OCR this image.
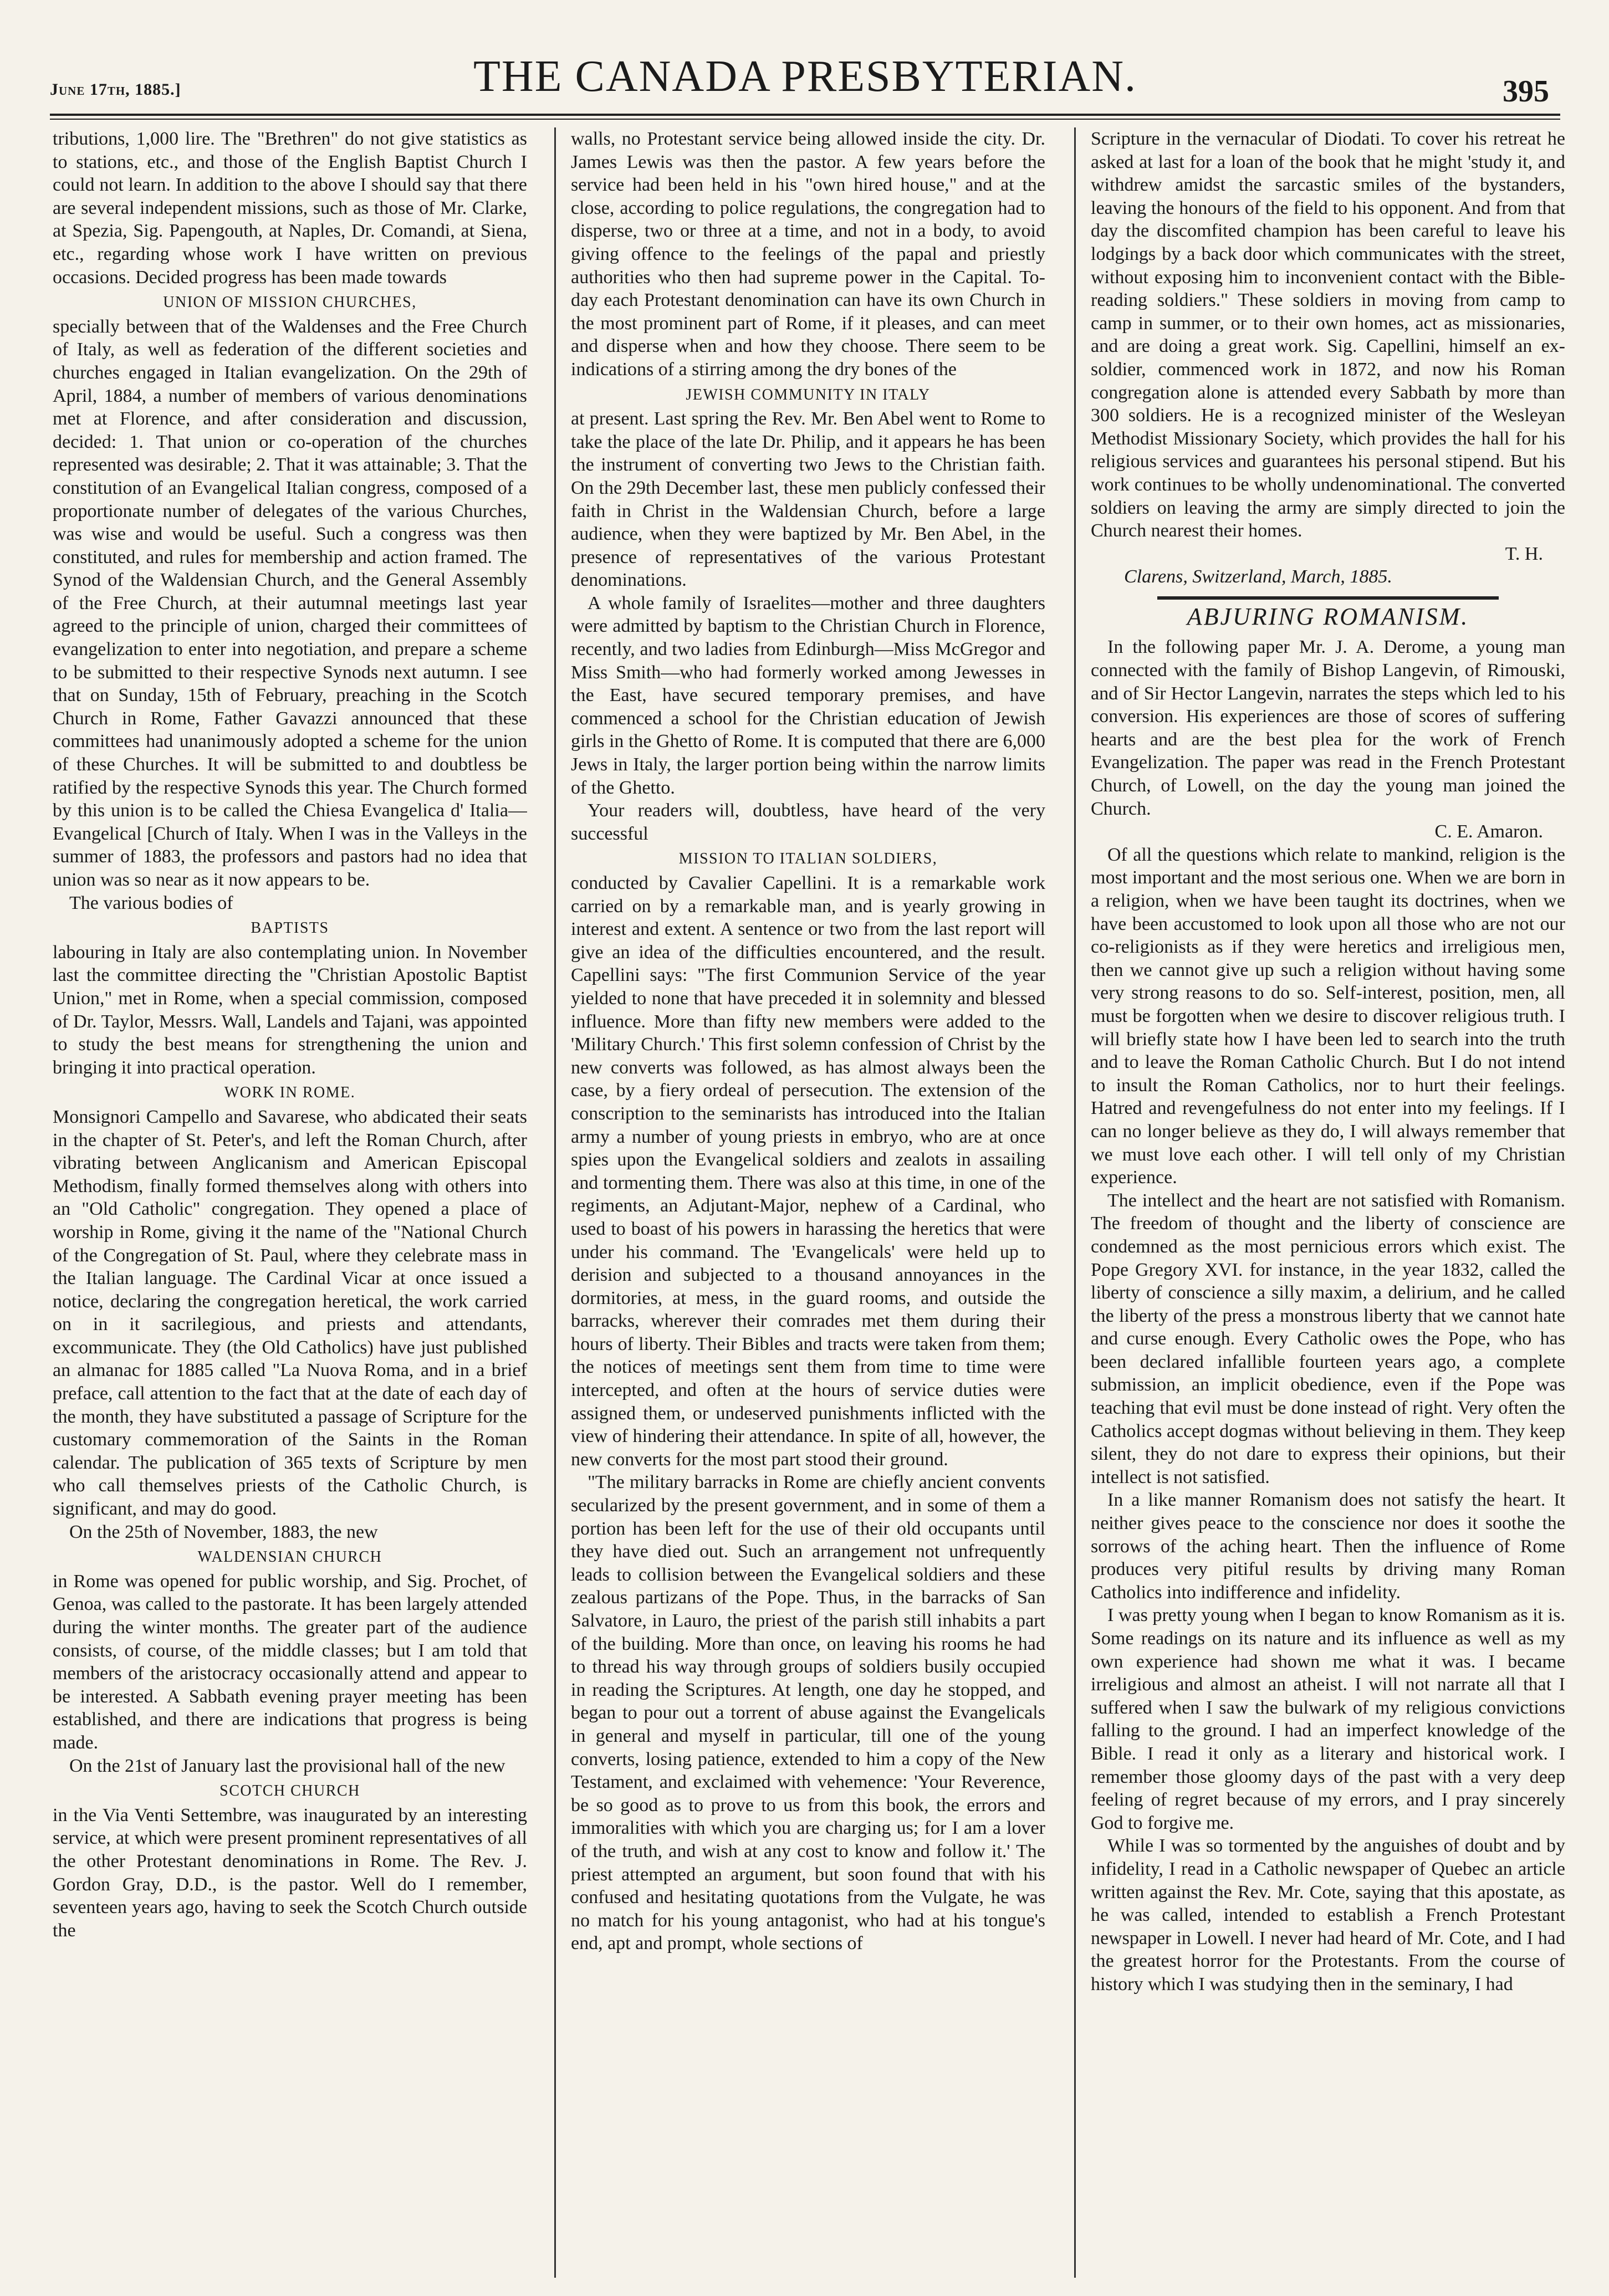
June 17th, 1885.]	THE CANADA PRESBYTERIAN.	395

tributions, 1,000 lire. The "Brethren" do not give statistics as to stations, etc., and those of the English Baptist Church I could not learn. In addition to the above I should say that there are several independent missions, such as those of Mr. Clarke, at Spezia, Sig. Papengouth, at Naples, Dr. Comandi, at Siena, etc., regarding whose work I have written on previous occasions. Decided progress has been made towards

UNION OF MISSION CHURCHES,

specially between that of the Waldenses and the Free Church of Italy, as well as federation of the different societies and churches engaged in Italian evangelization. On the 29th of April, 1884, a number of members of various denominations met at Florence, and after consideration and discussion, decided: 1. That union or co-operation of the churches represented was desirable; 2. That it was attainable; 3. That the constitution of an Evangelical Italian congress, composed of a proportionate number of delegates of the various Churches, was wise and would be useful. Such a congress was then constituted, and rules for membership and action framed. The Synod of the Waldensian Church, and the General Assembly of the Free Church, at their autumnal meetings last year agreed to the principle of union, charged their committees of evangelization to enter into negotiation, and prepare a scheme to be submitted to their respective Synods next autumn. I see that on Sunday, 15th of February, preaching in the Scotch Church in Rome, Father Gavazzi announced that these committees had unanimously adopted a scheme for the union of these Churches. It will be submitted to and doubtless be ratified by the respective Synods this year. The Church formed by this union is to be called the Chiesa Evangelica d' Italia—Evangelical [Church of Italy. When I was in the Valleys in the summer of 1883, the professors and pastors had no idea that union was so near as it now appears to be.

The various bodies of

BAPTISTS

labouring in Italy are also contemplating union. In November last the committee directing the "Christian Apostolic Baptist Union," met in Rome, when a special commission, composed of Dr. Taylor, Messrs. Wall, Landels and Tajani, was appointed to study the best means for strengthening the union and bringing it into practical operation.

WORK IN ROME.

Monsignori Campello and Savarese, who abdicated their seats in the chapter of St. Peter's, and left the Roman Church, after vibrating between Anglicanism and American Episcopal Methodism, finally formed themselves along with others into an "Old Catholic" congregation. They opened a place of worship in Rome, giving it the name of the "National Church of the Congregation of St. Paul, where they celebrate mass in the Italian language. The Cardinal Vicar at once issued a notice, declaring the congregation heretical, the work carried on in it sacrilegious, and priests and attendants, excommunicate. They (the Old Catholics) have just published an almanac for 1885 called "La Nuova Roma, and in a brief preface, call attention to the fact that at the date of each day of the month, they have substituted a passage of Scripture for the customary commemoration of the Saints in the Roman calendar. The publication of 365 texts of Scripture by men who call themselves priests of the Catholic Church, is significant, and may do good.

On the 25th of November, 1883, the new

WALDENSIAN CHURCH

in Rome was opened for public worship, and Sig. Prochet, of Genoa, was called to the pastorate. It has been largely attended during the winter months. The greater part of the audience consists, of course, of the middle classes; but I am told that members of the aristocracy occasionally attend and appear to be interested. A Sabbath evening prayer meeting has been established, and there are indications that progress is being made.

On the 21st of January last the provisional hall of the new

SCOTCH CHURCH

in the Via Venti Settembre, was inaugurated by an interesting service, at which were present prominent representatives of all the other Protestant denominations in Rome. The Rev. J. Gordon Gray, D.D., is the pastor. Well do I remember, seventeen years ago, having to seek the Scotch Church outside the

walls, no Protestant service being allowed inside the city. Dr. James Lewis was then the pastor. A few years before the service had been held in his "own hired house," and at the close, according to police regulations, the congregation had to disperse, two or three at a time, and not in a body, to avoid giving offence to the feelings of the papal and priestly authorities who then had supreme power in the Capital. To-day each Protestant denomination can have its own Church in the most prominent part of Rome, if it pleases, and can meet and disperse when and how they choose. There seem to be indications of a stirring among the dry bones of the

JEWISH COMMUNITY IN ITALY

at present. Last spring the Rev. Mr. Ben Abel went to Rome to take the place of the late Dr. Philip, and it appears he has been the instrument of converting two Jews to the Christian faith. On the 29th December last, these men publicly confessed their faith in Christ in the Waldensian Church, before a large audience, when they were baptized by Mr. Ben Abel, in the presence of representatives of the various Protestant denominations.

A whole family of Israelites—mother and three daughters were admitted by baptism to the Christian Church in Florence, recently, and two ladies from Edinburgh—Miss McGregor and Miss Smith—who had formerly worked among Jewesses in the East, have secured temporary premises, and have commenced a school for the Christian education of Jewish girls in the Ghetto of Rome. It is computed that there are 6,000 Jews in Italy, the larger portion being within the narrow limits of the Ghetto.

Your readers will, doubtless, have heard of the very successful

MISSION TO ITALIAN SOLDIERS,

conducted by Cavalier Capellini. It is a remarkable work carried on by a remarkable man, and is yearly growing in interest and extent. A sentence or two from the last report will give an idea of the difficulties encountered, and the result. Capellini says: "The first Communion Service of the year yielded to none that have preceded it in solemnity and blessed influence. More than fifty new members were added to the 'Military Church.' This first solemn confession of Christ by the new converts was followed, as has almost always been the case, by a fiery ordeal of persecution. The extension of the conscription to the seminarists has introduced into the Italian army a number of young priests in embryo, who are at once spies upon the Evangelical soldiers and zealots in assailing and tormenting them. There was also at this time, in one of the regiments, an Adjutant-Major, nephew of a Cardinal, who used to boast of his powers in harassing the heretics that were under his command. The 'Evangelicals' were held up to derision and subjected to a thousand annoyances in the dormitories, at mess, in the guard rooms, and outside the barracks, wherever their comrades met them during their hours of liberty. Their Bibles and tracts were taken from them; the notices of meetings sent them from time to time were intercepted, and often at the hours of service duties were assigned them, or undeserved punishments inflicted with the view of hindering their attendance. In spite of all, however, the new converts for the most part stood their ground.

"The military barracks in Rome are chiefly ancient convents secularized by the present government, and in some of them a portion has been left for the use of their old occupants until they have died out. Such an arrangement not unfrequently leads to collision between the Evangelical soldiers and these zealous partizans of the Pope. Thus, in the barracks of San Salvatore, in Lauro, the priest of the parish still inhabits a part of the building. More than once, on leaving his rooms he had to thread his way through groups of soldiers busily occupied in reading the Scriptures. At length, one day he stopped, and began to pour out a torrent of abuse against the Evangelicals in general and myself in particular, till one of the young converts, losing patience, extended to him a copy of the New Testament, and exclaimed with vehemence: 'Your Reverence, be so good as to prove to us from this book, the errors and immoralities with which you are charging us; for I am a lover of the truth, and wish at any cost to know and follow it.' The priest attempted an argument, but soon found that with his confused and hesitating quotations from the Vulgate, he was no match for his young antagonist, who had at his tongue's end, apt and prompt, whole sections of

Scripture in the vernacular of Diodati. To cover his retreat he asked at last for a loan of the book that he might 'study it, and withdrew amidst the sarcastic smiles of the bystanders, leaving the honours of the field to his opponent. And from that day the discomfited champion has been careful to leave his lodgings by a back door which communicates with the street, without exposing him to inconvenient contact with the Bible-reading soldiers." These soldiers in moving from camp to camp in summer, or to their own homes, act as missionaries, and are doing a great work. Sig. Capellini, himself an ex-soldier, commenced work in 1872, and now his Roman congregation alone is attended every Sabbath by more than 300 soldiers. He is a recognized minister of the Wesleyan Methodist Missionary Society, which provides the hall for his religious services and guarantees his personal stipend. But his work continues to be wholly undenominational. The converted soldiers on leaving the army are simply directed to join the Church nearest their homes.

T. H.
Clarens, Switzerland, March, 1885.
ABJURING ROMANISM.

In the following paper Mr. J. A. Derome, a young man connected with the family of Bishop Langevin, of Rimouski, and of Sir Hector Langevin, narrates the steps which led to his conversion. His experiences are those of scores of suffering hearts and are the best plea for the work of French Evangelization. The paper was read in the French Protestant Church, of Lowell, on the day the young man joined the Church.

C. E. Amaron.

Of all the questions which relate to mankind, religion is the most important and the most serious one. When we are born in a religion, when we have been taught its doctrines, when we have been accustomed to look upon all those who are not our co-religionists as if they were heretics and irreligious men, then we cannot give up such a religion without having some very strong reasons to do so. Self-interest, position, men, all must be forgotten when we desire to discover religious truth. I will briefly state how I have been led to search into the truth and to leave the Roman Catholic Church. But I do not intend to insult the Roman Catholics, nor to hurt their feelings. Hatred and revengefulness do not enter into my feelings. If I can no longer believe as they do, I will always remember that we must love each other. I will tell only of my Christian experience.

The intellect and the heart are not satisfied with Romanism. The freedom of thought and the liberty of conscience are condemned as the most pernicious errors which exist. The Pope Gregory XVI. for instance, in the year 1832, called the liberty of conscience a silly maxim, a delirium, and he called the liberty of the press a monstrous liberty that we cannot hate and curse enough. Every Catholic owes the Pope, who has been declared infallible fourteen years ago, a complete submission, an implicit obedience, even if the Pope was teaching that evil must be done instead of right. Very often the Catholics accept dogmas without believing in them. They keep silent, they do not dare to express their opinions, but their intellect is not satisfied.

In a like manner Romanism does not satisfy the heart. It neither gives peace to the conscience nor does it soothe the sorrows of the aching heart. Then the influence of Rome produces very pitiful results by driving many Roman Catholics into indifference and infidelity.

I was pretty young when I began to know Romanism as it is. Some readings on its nature and its influence as well as my own experience had shown me what it was. I became irreligious and almost an atheist. I will not narrate all that I suffered when I saw the bulwark of my religious convictions falling to the ground. I had an imperfect knowledge of the Bible. I read it only as a literary and historical work. I remember those gloomy days of the past with a very deep feeling of regret because of my errors, and I pray sincerely God to forgive me.

While I was so tormented by the anguishes of doubt and by infidelity, I read in a Catholic newspaper of Quebec an article written against the Rev. Mr. Cote, saying that this apostate, as he was called, intended to establish a French Protestant newspaper in Lowell. I never had heard of Mr. Cote, and I had the greatest horror for the Protestants. From the course of history which I was studying then in the seminary, I had
